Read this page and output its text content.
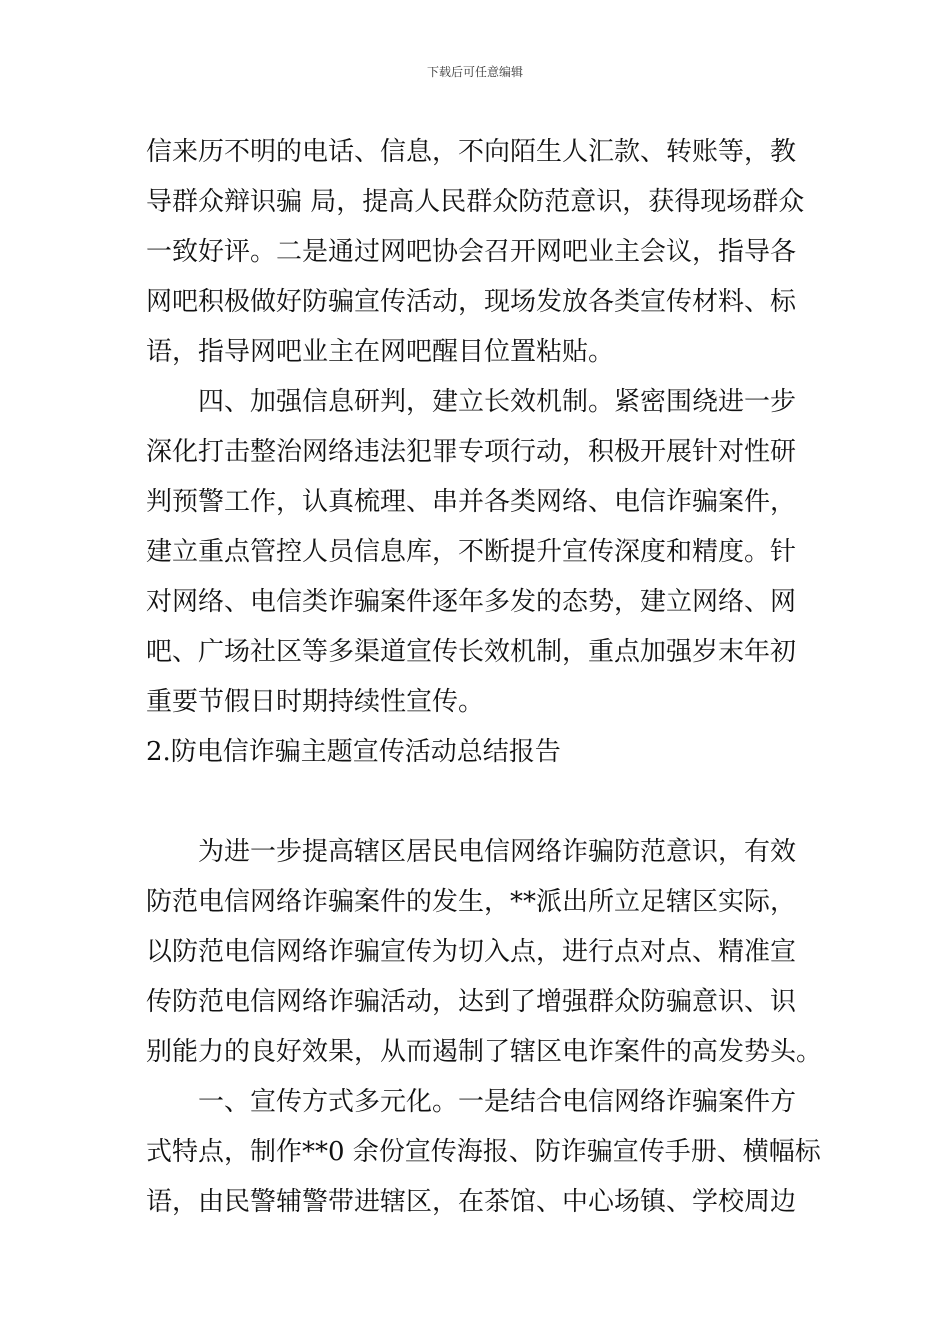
下载后可任意编辑
信来历不明的电话、信息，不向陌生人汇款、转账等，教
导群众辩识骗 局，提高人民群众防范意识，获得现场群众
一致好评。二是通过网吧协会召开网吧业主会议，指导各
网吧积极做好防骗宣传活动，现场发放各类宣传材料、标
语，指导网吧业主在网吧醒目位置粘贴。
四、加强信息研判，建立长效机制。紧密围绕进一步
深化打击整治网络违法犯罪专项行动，积极开展针对性研
判预警工作，认真梳理、串并各类网络、电信诈骗案件，
建立重点管控人员信息库，不断提升宣传深度和精度。针
对网络、电信类诈骗案件逐年多发的态势，建立网络、网
吧、广场社区等多渠道宣传长效机制，重点加强岁末年初
重要节假日时期持续性宣传。
2.防电信诈骗主题宣传活动总结报告
为进一步提高辖区居民电信网络诈骗防范意识，有效
防范电信网络诈骗案件的发生，**派出所立足辖区实际，
以防范电信网络诈骗宣传为切入点，进行点对点、精准宣
传防范电信网络诈骗活动，达到了增强群众防骗意识、识
别能力的良好效果，从而遏制了辖区电诈案件的高发势头。
一、宣传方式多元化。一是结合电信网络诈骗案件方
式特点，制作**0 余份宣传海报、防诈骗宣传手册、横幅标
语，由民警辅警带进辖区，在茶馆、中心场镇、学校周边
